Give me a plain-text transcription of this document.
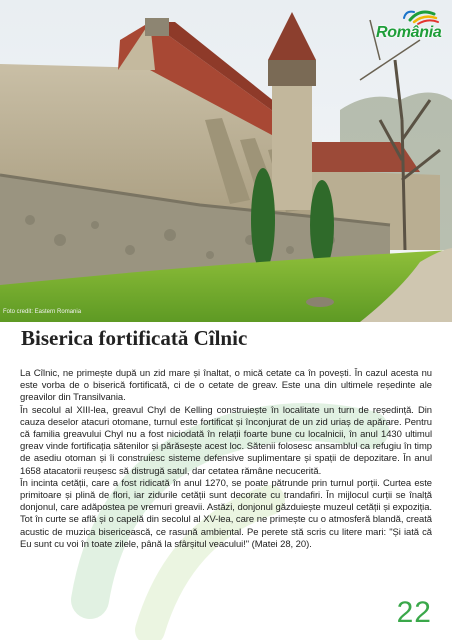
Foto credit: Eastern Romania
România
Biserica fortificată Cîlnic

La Cîlnic, ne primește după un zid mare și înaltat, o mică cetate ca în povești. În cazul acesta nu este vorba de o biserică fortificată, ci de o cetate de greav. Este una din ultimele reședinte ale greavilor din Transilvania.

În secolul al XIII-lea, greavul Chyl de Kelling construiește în localitate un turn de reședință. Din cauza deselor atacuri otomane, turnul este fortificat și înconjurat de un zid uriaș de apărare. Pentru că familia greavului Chyl nu a fost niciodată în relații foarte bune cu localnicii, în anul 1430 ultimul greav vinde fortificația sătenilor și părăsește acest loc. Sătenii folosesc ansamblul ca refugiu în timp de asediu otoman și îi construiesc sisteme defensive suplimentare și spații de depozitare. În anul 1658 atacatorii reușesc să distrugă satul, dar cetatea rămâne necucerită.

În incinta cetății, care a fost ridicată în anul 1270, se poate pătrunde prin turnul porții. Curtea este primitoare și plină de flori, iar zidurile cetății sunt decorate cu trandafiri. În mijlocul curții se înalță donjonul, care adăpostea pe vremuri greavii. Astăzi, donjonul găzduiește muzeul cetății și expoziția. Tot în curte se află și o capelă din secolul al XV-lea, care ne primește cu o atmosferă blandă, creată acustic de muzica bisericească, ce rasună ambiental. Pe perete stă scris cu litere mari: "Și iată că Eu sunt cu voi în toate zilele, până la sfârșitul veacului!" (Matei 28, 20).

22
